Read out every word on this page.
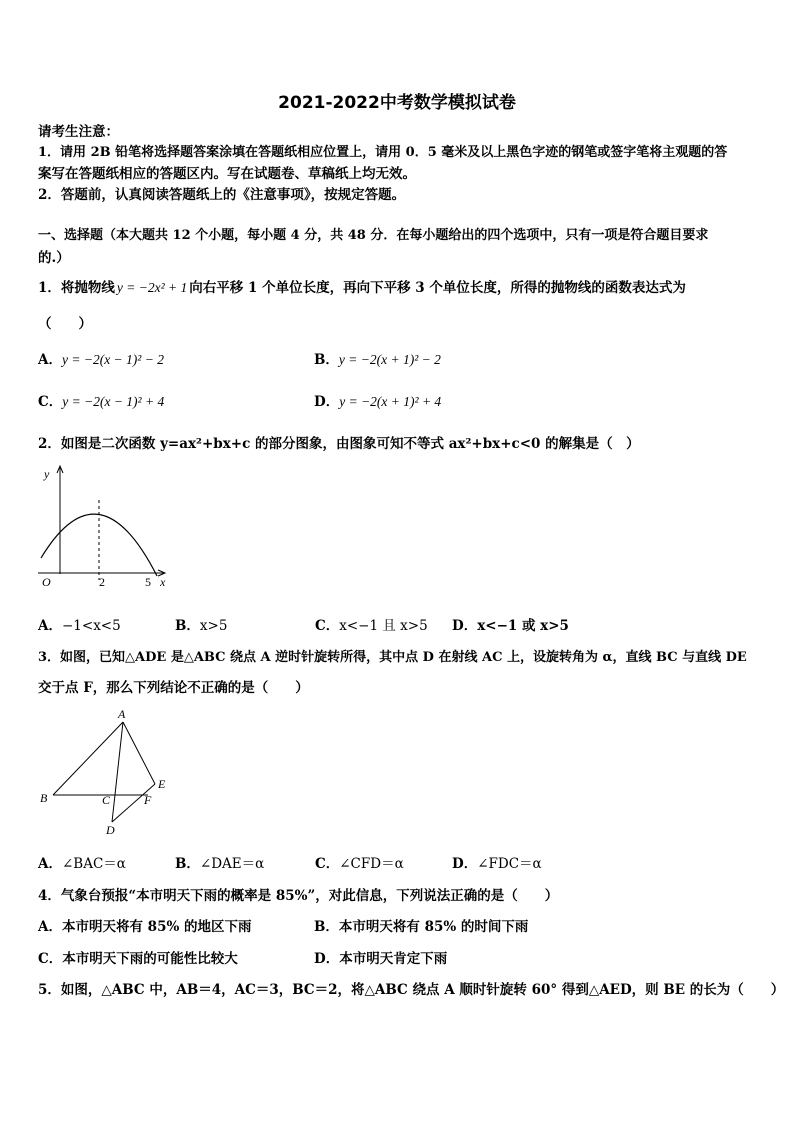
2021-2022中考数学模拟试卷
请考生注意：
1．请用 2B 铅笔将选择题答案涂填在答题纸相应位置上，请用 0．5 毫米及以上黑色字迹的钢笔或签字笔将主观题的答
案写在答题纸相应的答题区内。写在试题卷、草稿纸上均无效。
2．答题前，认真阅读答题纸上的《注意事项》，按规定答题。
一、选择题（本大题共 12 个小题，每小题 4 分，共 48 分．在每小题给出的四个选项中，只有一项是符合题目要求
的.）
1．将抛物线 y = −2x² + 1 向右平移 1 个单位长度，再向下平移 3 个单位长度，所得的抛物线的函数表达式为
（　　）
A．y = −2(x − 1)² − 2	B．y = −2(x + 1)² − 2
C．y = −2(x − 1)² + 4	D．y = −2(x + 1)² + 4
2．如图是二次函数 y=ax²+bx+c 的部分图象，由图象可知不等式 ax²+bx+c<0 的解集是（　）
y
O	2	5 x
A．−1<x<5	B．x>5	C．x<−1 且 x>5 D．x<−1 或 x>5
3．如图，已知△ADE 是△ABC 绕点 A 逆时针旋转所得，其中点 D 在射线 AC 上，设旋转角为 α，直线 BC 与直线 DE
交于点 F，那么下列结论不正确的是（　　）
A
B	C
D
E
F
A．∠BAC＝α	B．∠DAE＝α	C．∠CFD＝α	D．∠FDC＝α
4．气象台预报“本市明天下雨的概率是 85%”，对此信息，下列说法正确的是（　　）
A．本市明天将有 85% 的地区下雨	B．本市明天将有 85% 的时间下雨
C．本市明天下雨的可能性比较大	D．本市明天肯定下雨
5．如图，△ABC 中，AB＝4，AC＝3，BC＝2，将△ABC 绕点 A 顺时针旋转 60° 得到△AED，则 BE 的长为（　　）
